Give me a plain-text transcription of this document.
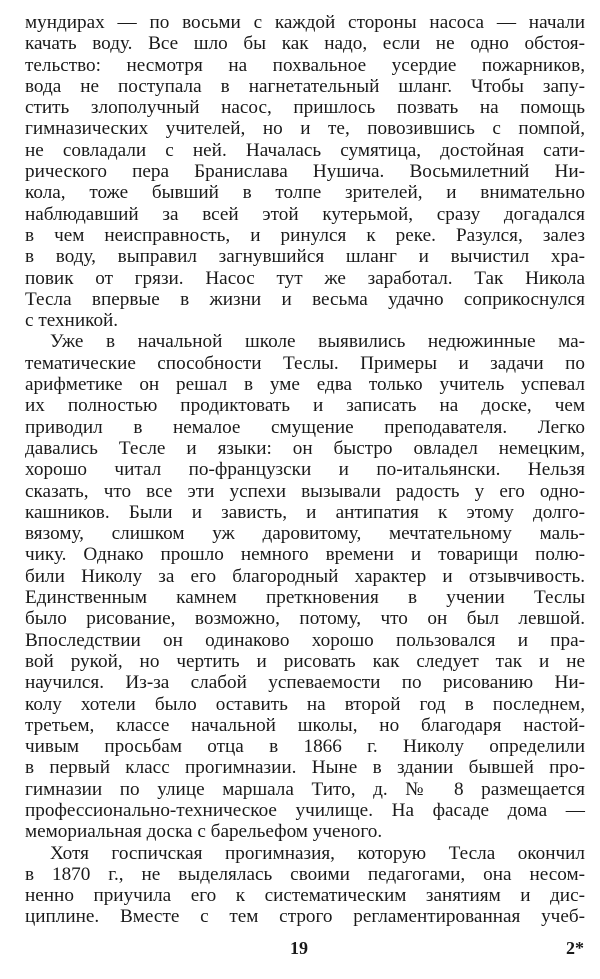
мундирах — по восьми с каждой стороны насоса — начали
качать воду. Все шло бы как надо, если не одно обстоя-
тельство: несмотря на похвальное усердие пожарников,
вода не поступала в нагнетательный шланг. Чтобы запу-
стить злополучный насос, пришлось позвать на помощь
гимназических учителей, но и те, повозившись с помпой,
не совладали с ней. Началась сумятица, достойная сати-
рического пера Бранислава Нушича. Восьмилетний Ни-
кола, тоже бывший в толпе зрителей, и внимательно
наблюдавший за всей этой кутерьмой, сразу догадался
в чем неисправность, и ринулся к реке. Разулся, залез
в воду, выправил загнувшийся шланг и вычистил хра-
повик от грязи. Насос тут же заработал. Так Никола
Тесла впервые в жизни и весьма удачно соприкоснулся
с техникой.
Уже в начальной школе выявились недюжинные ма-
тематические способности Теслы. Примеры и задачи по
арифметике он решал в уме едва только учитель успевал
их полностью продиктовать и записать на доске, чем
приводил в немалое смущение преподавателя. Легко
давались Тесле и языки: он быстро овладел немецким,
хорошо читал по-французски и по-итальянски. Нельзя
сказать, что все эти успехи вызывали радость у его одно-
кашников. Были и зависть, и антипатия к этому долго-
вязому, слишком уж даровитому, мечтательному маль-
чику. Однако прошло немного времени и товарищи полю-
били Николу за его благородный характер и отзывчивость.
Единственным камнем преткновения в учении Теслы
было рисование, возможно, потому, что он был левшой.
Впоследствии он одинаково хорошо пользовался и пра-
вой рукой, но чертить и рисовать как следует так и не
научился. Из-за слабой успеваемости по рисованию Ни-
колу хотели было оставить на второй год в последнем,
третьем, классе начальной школы, но благодаря настой-
чивым просьбам отца в 1866 г. Николу определили
в первый класс прогимназии. Ныне в здании бывшей про-
гимназии по улице маршала Тито, д. № 8 размещается
профессионально-техническое училище. На фасаде дома —
мемориальная доска с барельефом ученого.
Хотя госпичская прогимназия, которую Тесла окончил
в 1870 г., не выделялась своими педагогами, она несом-
ненно приучила его к систематическим занятиям и дис-
циплине. Вместе с тем строго регламентированная учеб-
19	2*
